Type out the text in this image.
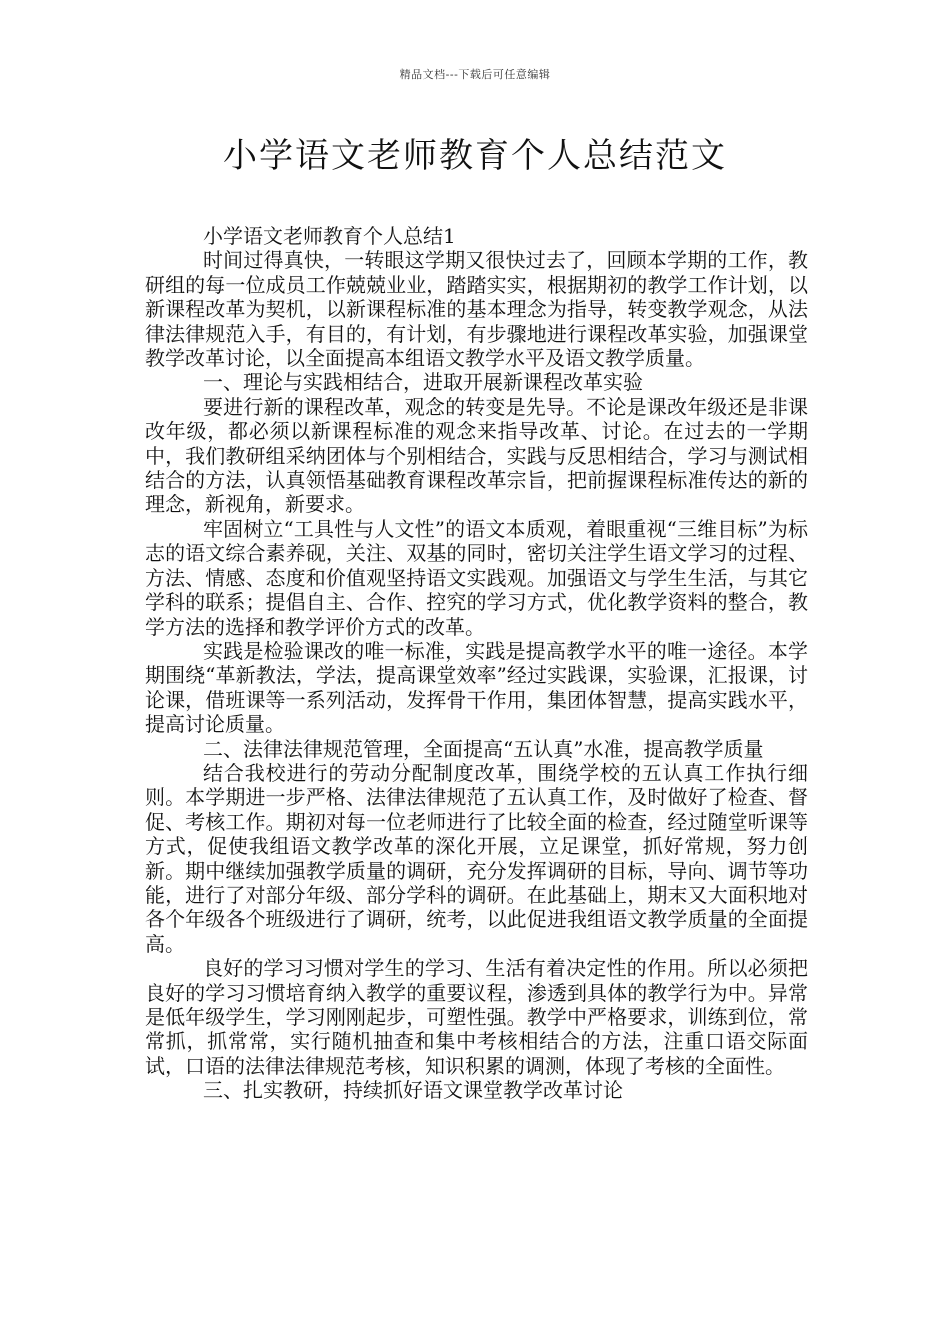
精品文档---下载后可任意编辑
小学语文老师教育个人总结范文

小学语文老师教育个人总结1

时间过得真快，一转眼这学期又很快过去了，回顾本学期的工作，教研组的每一位成员工作兢兢业业，踏踏实实，根据期初的教学工作计划，以新课程改革为契机，以新课程标准的基本理念为指导，转变教学观念，从法律法律规范入手，有目的，有计划，有步骤地进行课程改革实验，加强课堂教学改革讨论，以全面提高本组语文教学水平及语文教学质量。

一、理论与实践相结合，进取开展新课程改革实验

要进行新的课程改革，观念的转变是先导。不论是课改年级还是非课改年级，都必须以新课程标准的观念来指导改革、讨论。在过去的一学期中，我们教研组采纳团体与个别相结合，实践与反思相结合，学习与测试相结合的方法，认真领悟基础教育课程改革宗旨，把前握课程标准传达的新的理念，新视角，新要求。

牢固树立“工具性与人文性”的语文本质观，着眼重视“三维目标”为标志的语文综合素养砚，关注、双基的同时，密切关注学生语文学习的过程、方法、情感、态度和价值观坚持语文实践观。加强语文与学生生活，与其它学科的联系；提倡自主、合作、控究的学习方式，优化教学资料的整合，教学方法的选择和教学评价方式的改革。

实践是检验课改的唯一标准，实践是提高教学水平的唯一途径。本学期围绕“革新教法，学法，提高课堂效率”经过实践课，实验课，汇报课，讨论课，借班课等一系列活动，发挥骨干作用，集团体智慧，提高实践水平，提高讨论质量。

二、法律法律规范管理，全面提高“五认真”水准，提高教学质量

结合我校进行的劳动分配制度改革，围绕学校的五认真工作执行细则。本学期进一步严格、法律法律规范了五认真工作，及时做好了检查、督促、考核工作。期初对每一位老师进行了比较全面的检查，经过随堂听课等方式，促使我组语文教学改革的深化开展，立足课堂，抓好常规，努力创新。期中继续加强教学质量的调研，充分发挥调研的目标，导向、调节等功能，进行了对部分年级、部分学科的调研。在此基础上，期末又大面积地对各个年级各个班级进行了调研，统考，以此促进我组语文教学质量的全面提高。

良好的学习习惯对学生的学习、生活有着决定性的作用。所以必须把良好的学习习惯培育纳入教学的重要议程，渗透到具体的教学行为中。异常是低年级学生，学习刚刚起步，可塑性强。教学中严格要求，训练到位，常常抓，抓常常，实行随机抽查和集中考核相结合的方法，注重口语交际面试，口语的法律法律规范考核，知识积累的调测，体现了考核的全面性。

三、扎实教研，持续抓好语文课堂教学改革讨论
